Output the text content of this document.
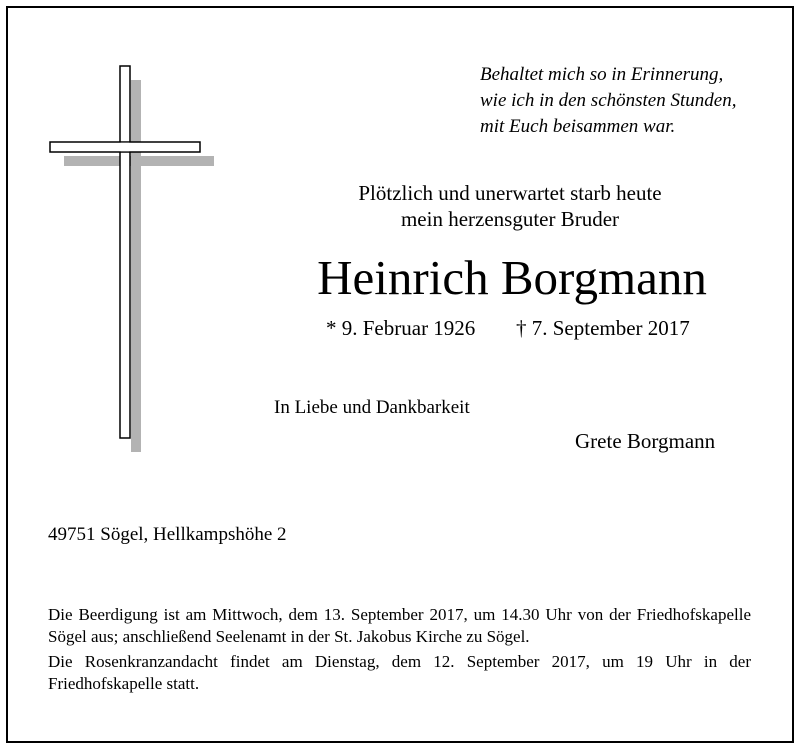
Behaltet mich so in Erinnerung,
wie ich in den schönsten Stunden,
mit Euch beisammen war.
Plötzlich und unerwartet starb heute
mein herzensguter Bruder
Heinrich Borgmann
* 9. Februar 1926 † 7. September 2017
In Liebe und Dankbarkeit
Grete Borgmann
49751 Sögel, Hellkampshöhe 2
Die Beerdigung ist am Mittwoch, dem 13. September 2017, um 14.30 Uhr von der Friedhofskapelle Sögel aus; anschließend Seelenamt in der St. Jakobus Kirche zu Sögel.
Die Rosenkranzandacht findet am Dienstag, dem 12. September 2017, um 19 Uhr in der Friedhofskapelle statt.
